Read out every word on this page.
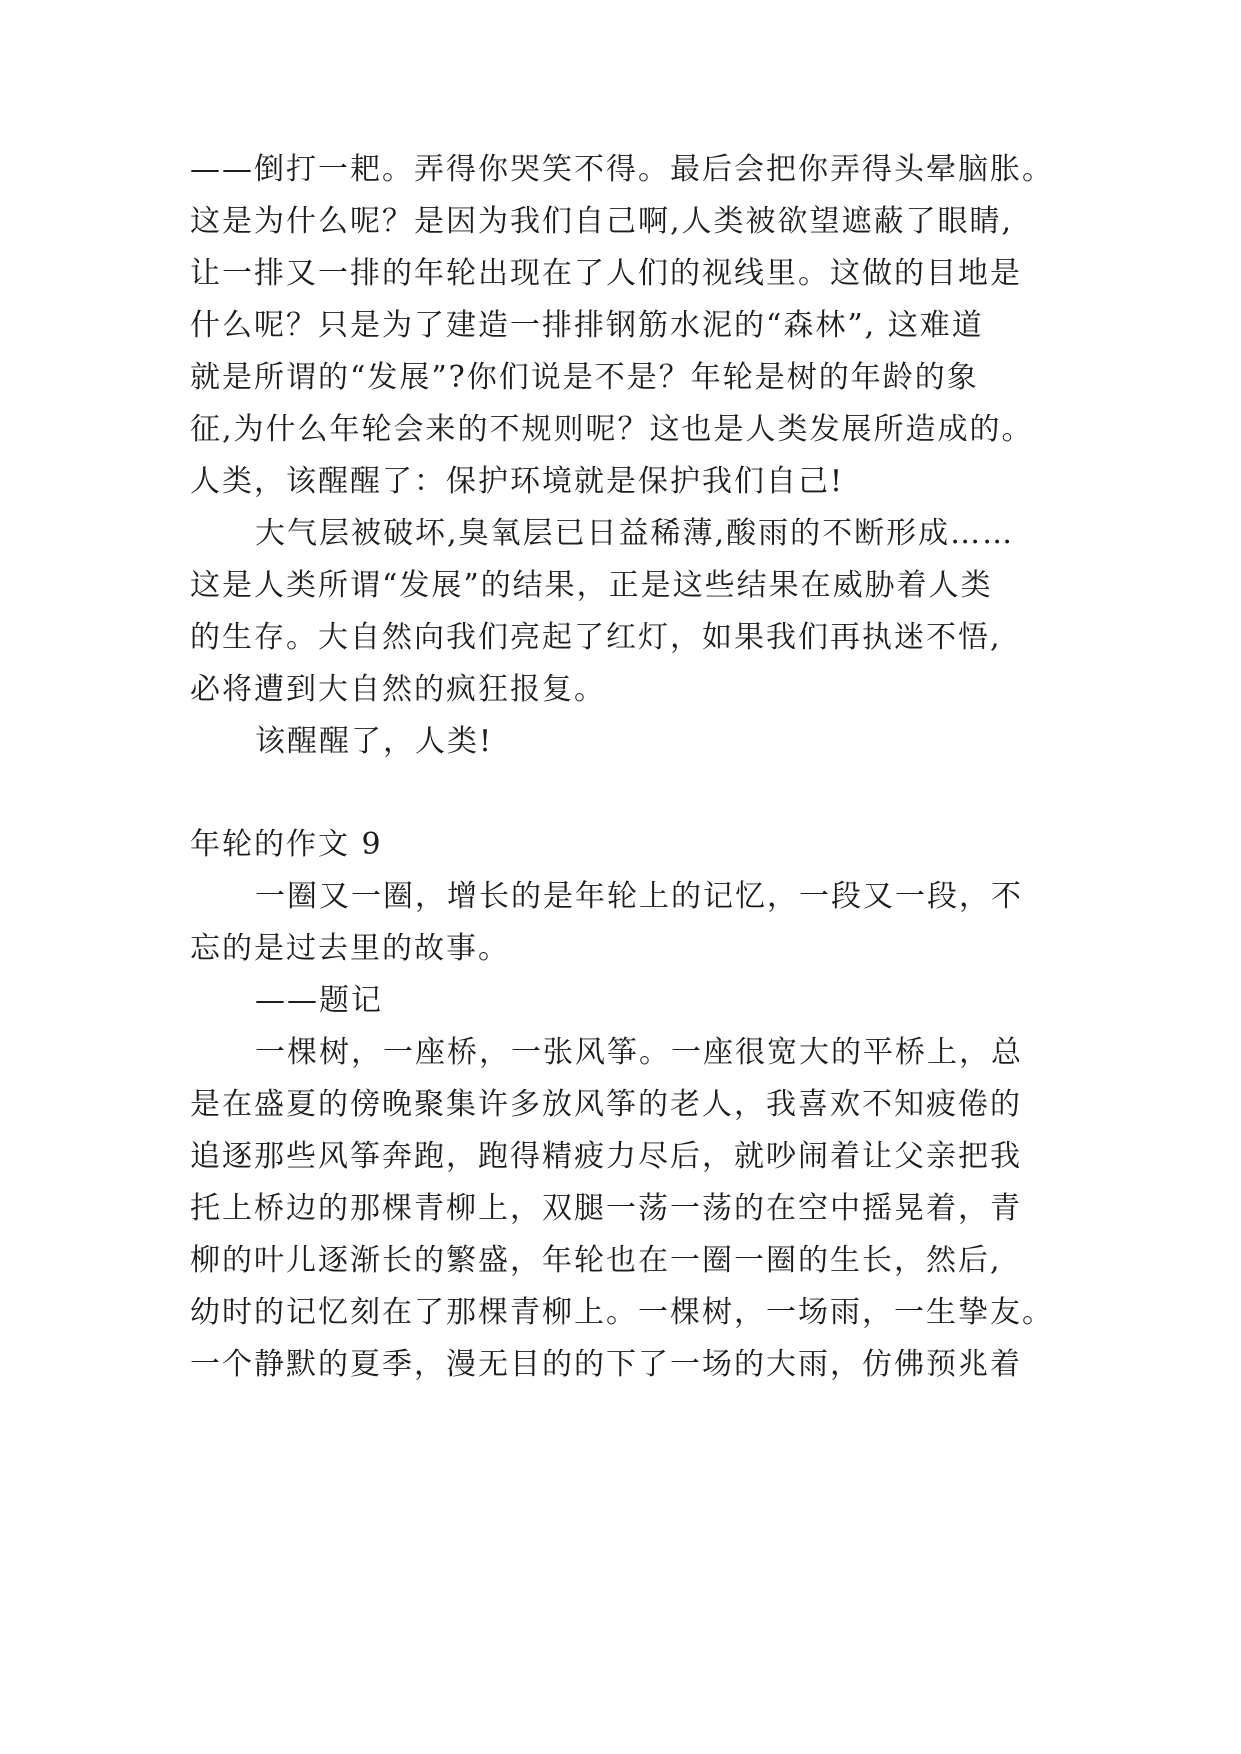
——倒打一耙。弄得你哭笑不得。最后会把你弄得头晕脑胀。
这是为什么呢？是因为我们自己啊,人类被欲望遮蔽了眼睛,
让一排又一排的年轮出现在了人们的视线里。这做的目地是
什么呢？只是为了建造一排排钢筋水泥的“森林”, 这难道
就是所谓的“发展”?你们说是不是？年轮是树的年龄的象
征,为什么年轮会来的不规则呢？这也是人类发展所造成的。
人类，该醒醒了：保护环境就是保护我们自己!
大气层被破坏,臭氧层已日益稀薄,酸雨的不断形成……
这是人类所谓“发展”的结果，正是这些结果在威胁着人类
的生存。大自然向我们亮起了红灯，如果我们再执迷不悟,
必将遭到大自然的疯狂报复。
该醒醒了，人类!
年轮的作文 9
一圈又一圈，增长的是年轮上的记忆，一段又一段，不
忘的是过去里的故事。
——题记
一棵树，一座桥，一张风筝。一座很宽大的平桥上，总
是在盛夏的傍晚聚集许多放风筝的老人，我喜欢不知疲倦的
追逐那些风筝奔跑，跑得精疲力尽后，就吵闹着让父亲把我
托上桥边的那棵青柳上，双腿一荡一荡的在空中摇晃着，青
柳的叶儿逐渐长的繁盛，年轮也在一圈一圈的生长，然后,
幼时的记忆刻在了那棵青柳上。一棵树，一场雨，一生挚友。
一个静默的夏季，漫无目的的下了一场的大雨，仿佛预兆着
